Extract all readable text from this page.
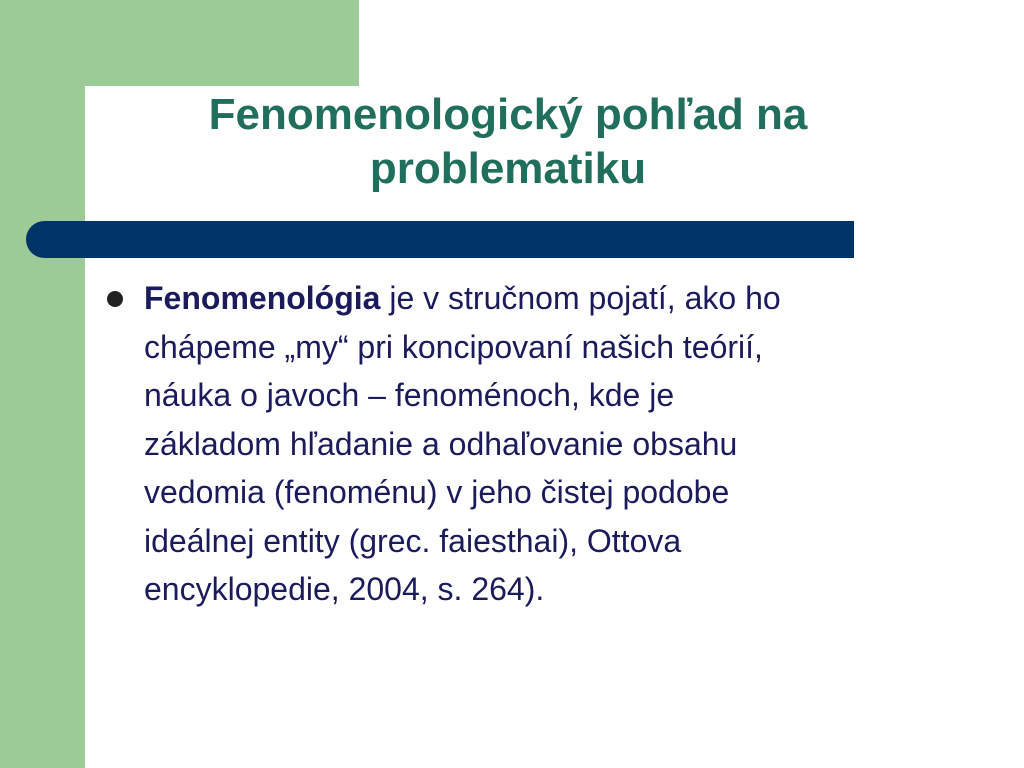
Fenomenologický pohľad na
problematiku

Fenomenológia je v stručnom pojatí, ako ho
chápeme „my“ pri koncipovaní našich teórií,
náuka o javoch – fenoménoch, kde je
základom hľadanie a odhaľovanie obsahu
vedomia (fenoménu) v jeho čistej podobe
ideálnej entity (grec. faiesthai), Ottova
encyklopedie, 2004, s. 264).
